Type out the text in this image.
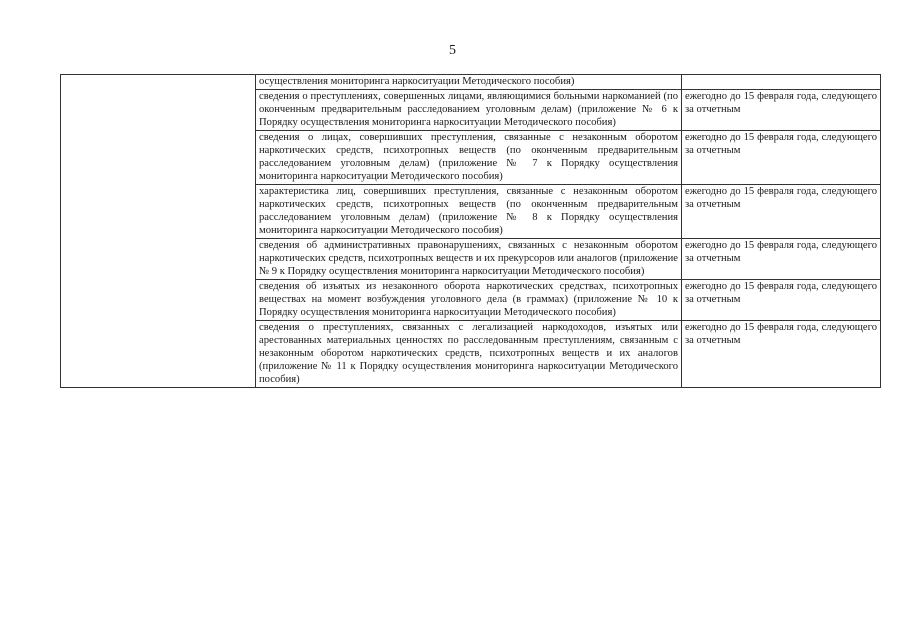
5
	осуществления мониторинга наркоситуации Методического пособия)	
	сведения о преступлениях, совершенных лицами, являющимися больными наркоманией (по оконченным предварительным расследованием уголовным делам) (приложение № 6 к Порядку осуществления мониторинга наркоситуации Методического пособия)	ежегодно до 15 февраля года, следующего за отчетным
	сведения о лицах, совершивших преступления, связанные с незаконным оборотом наркотических средств, психотропных веществ (по оконченным предварительным расследованием уголовным делам) (приложение № 7 к Порядку осуществления мониторинга наркоситуации Методического пособия)	ежегодно до 15 февраля года, следующего за отчетным
	характеристика лиц, совершивших преступления, связанные с незаконным оборотом наркотических средств, психотропных веществ (по оконченным предварительным расследованием уголовным делам) (приложение № 8 к Порядку осуществления мониторинга наркоситуации Методического пособия)	ежегодно до 15 февраля года, следующего за отчетным
	сведения об административных правонарушениях, связанных с незаконным оборотом наркотических средств, психотропных веществ и их прекурсоров или аналогов (приложение № 9 к Порядку осуществления мониторинга наркоситуации Методического пособия)	ежегодно до 15 февраля года, следующего за отчетным
	сведения об изъятых из незаконного оборота наркотических средствах, психотропных веществах на момент возбуждения уголовного дела (в граммах) (приложение № 10 к Порядку осуществления мониторинга наркоситуации Методического пособия)	ежегодно до 15 февраля года, следующего за отчетным
	сведения о преступлениях, связанных с легализацией наркодоходов, изъятых или арестованных материальных ценностях по расследованным преступлениям, связанным с незаконным оборотом наркотических средств, психотропных веществ и их аналогов (приложение № 11 к Порядку осуществления мониторинга наркоситуации Методического пособия)	ежегодно до 15 февраля года, следующего за отчетным
